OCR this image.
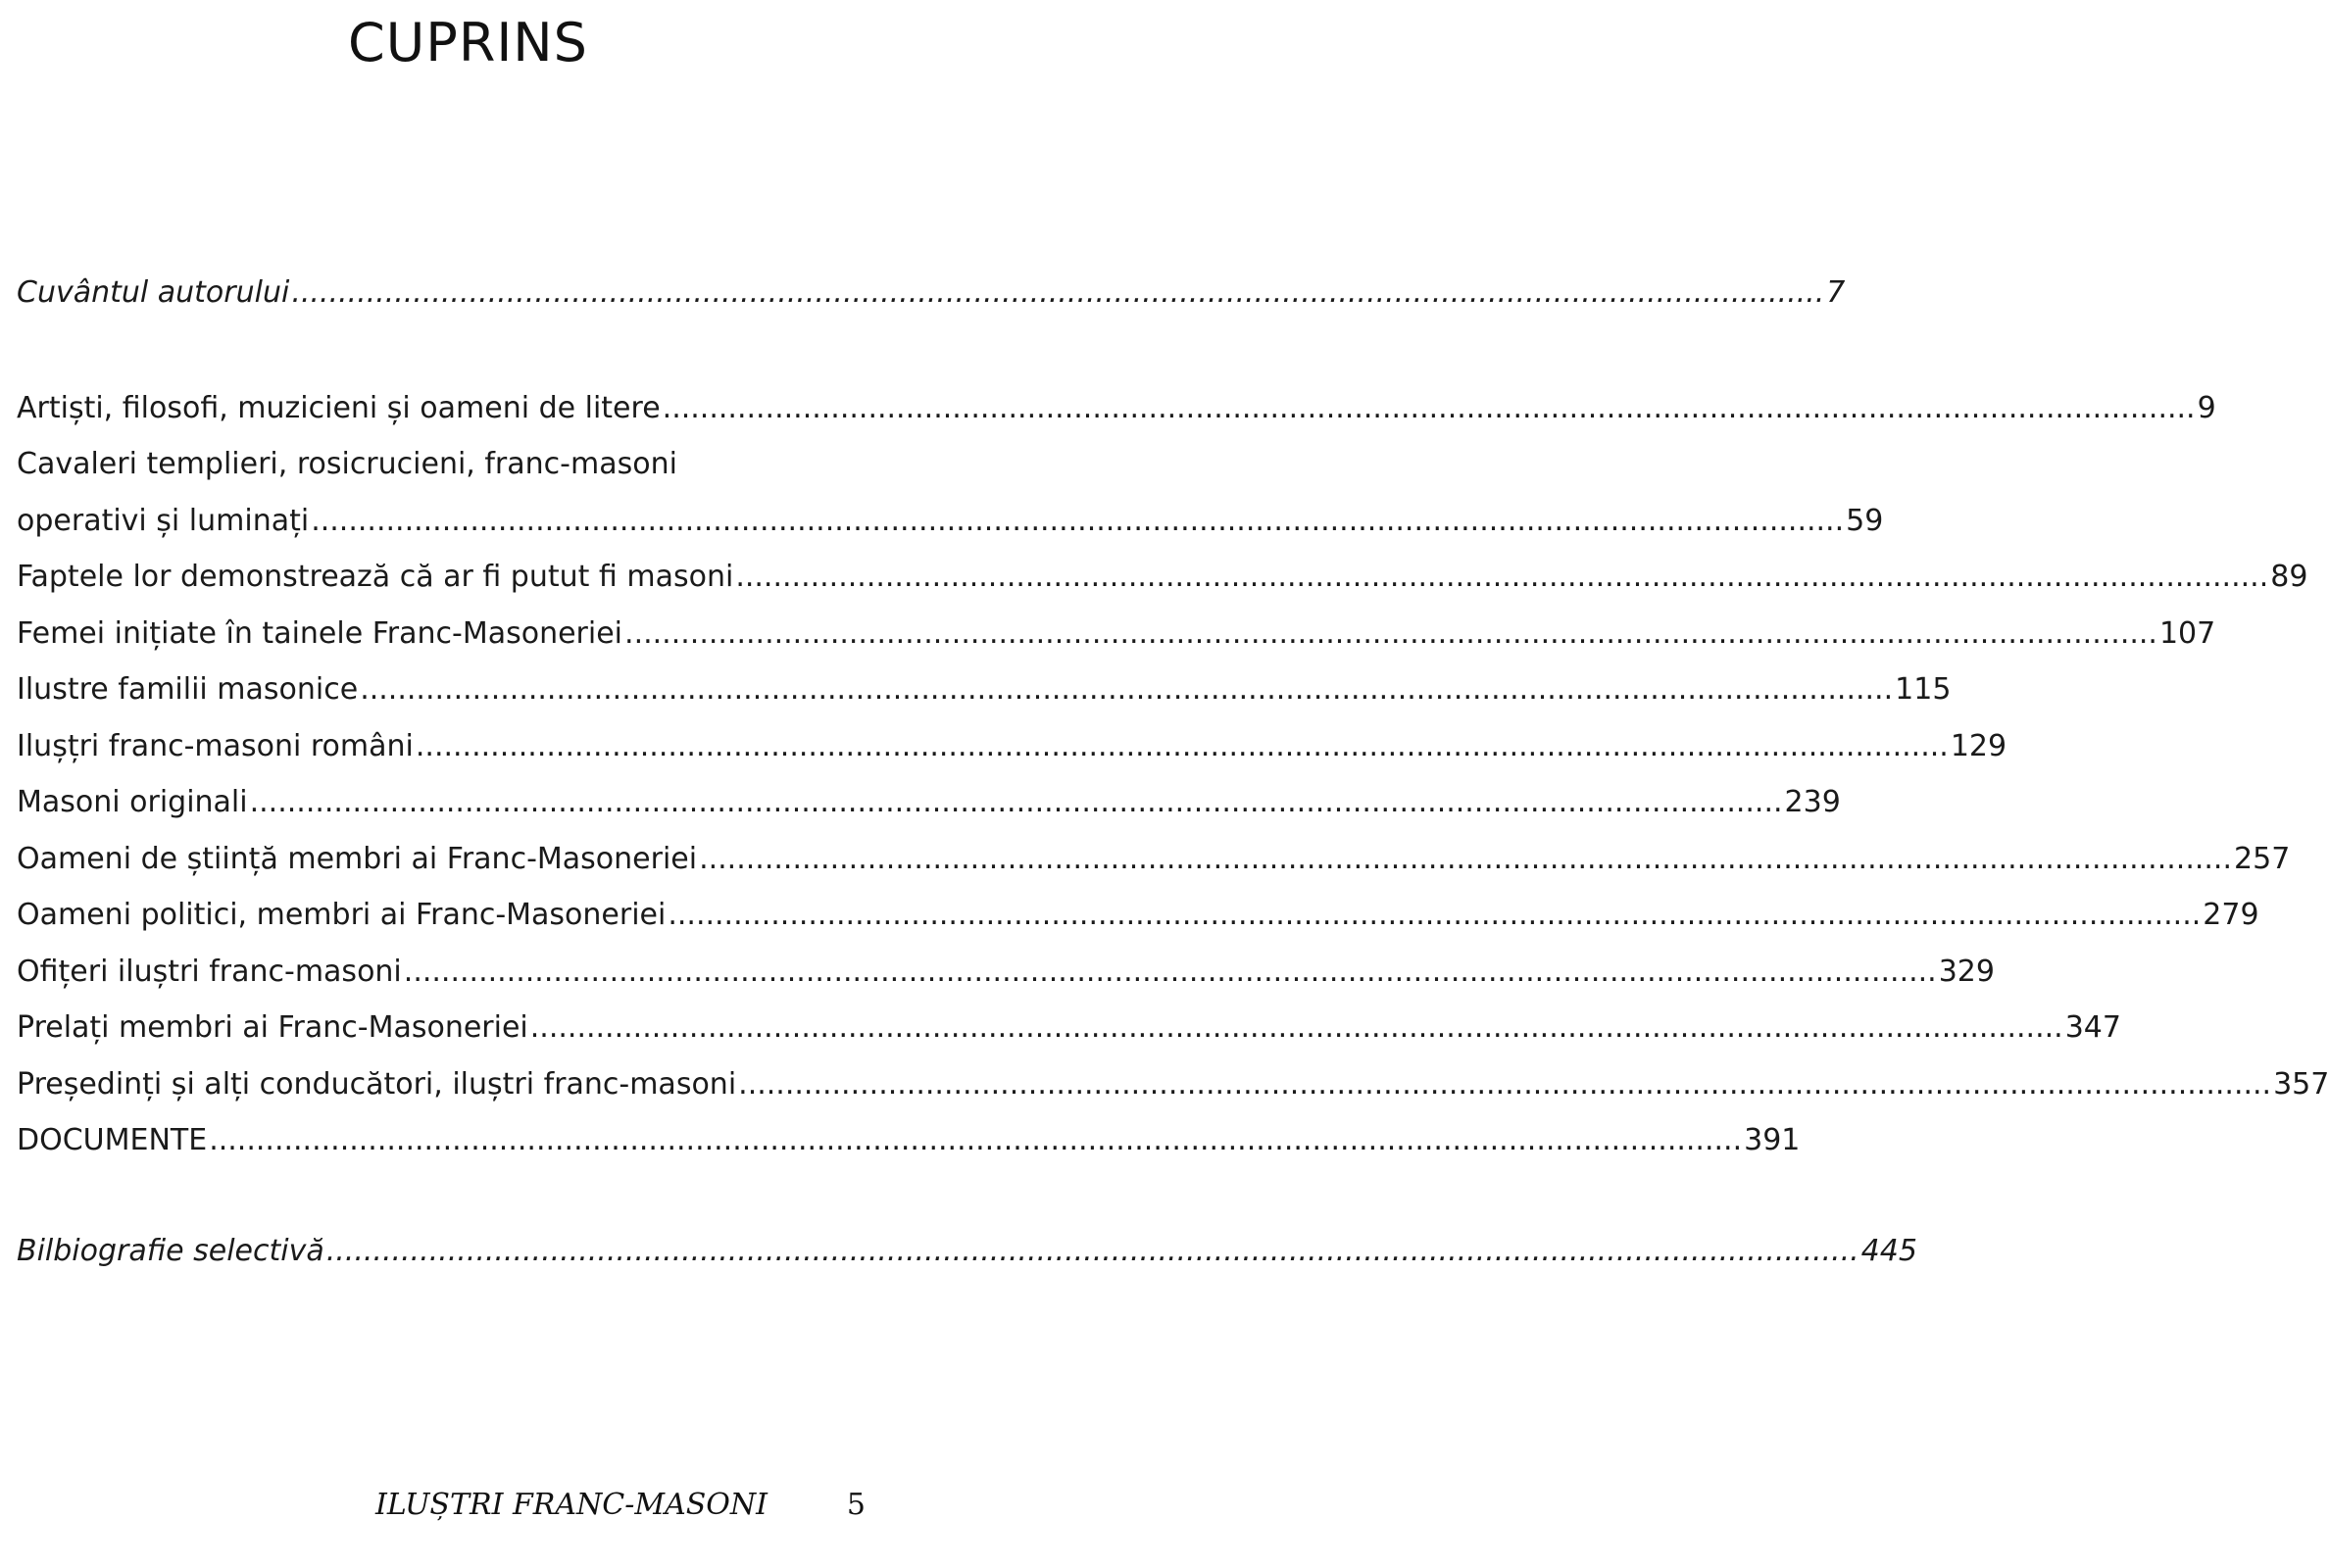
CUPRINS
Cuvântul autorului .................................................................................................................................................................... 7
Artiști, filosofi, muzicieni și oameni de litere .................................................................................................................................................................... 9
Cavaleri templieri, rosicrucieni, franc-masoni
operativi și luminați .................................................................................................................................................................... 59
Faptele lor demonstrează că ar fi putut fi masoni .................................................................................................................................................................... 89
Femei inițiate în tainele Franc-Masoneriei .................................................................................................................................................................... 107
Ilustre familii masonice .................................................................................................................................................................... 115
Ilușțri franc-masoni români .................................................................................................................................................................... 129
Masoni originali .................................................................................................................................................................... 239
Oameni de știință membri ai Franc-Masoneriei .................................................................................................................................................................... 257
Oameni politici, membri ai Franc-Masoneriei .................................................................................................................................................................... 279
Ofițeri iluștri franc-masoni .................................................................................................................................................................... 329
Prelați membri ai Franc-Masoneriei .................................................................................................................................................................... 347
Președinți și alți conducători, iluștri franc-masoni .................................................................................................................................................................... 357
DOCUMENTE .................................................................................................................................................................... 391
Bilbiografie selectivă .................................................................................................................................................................... 445
ILUȘTRI FRANC-MASONI	5
